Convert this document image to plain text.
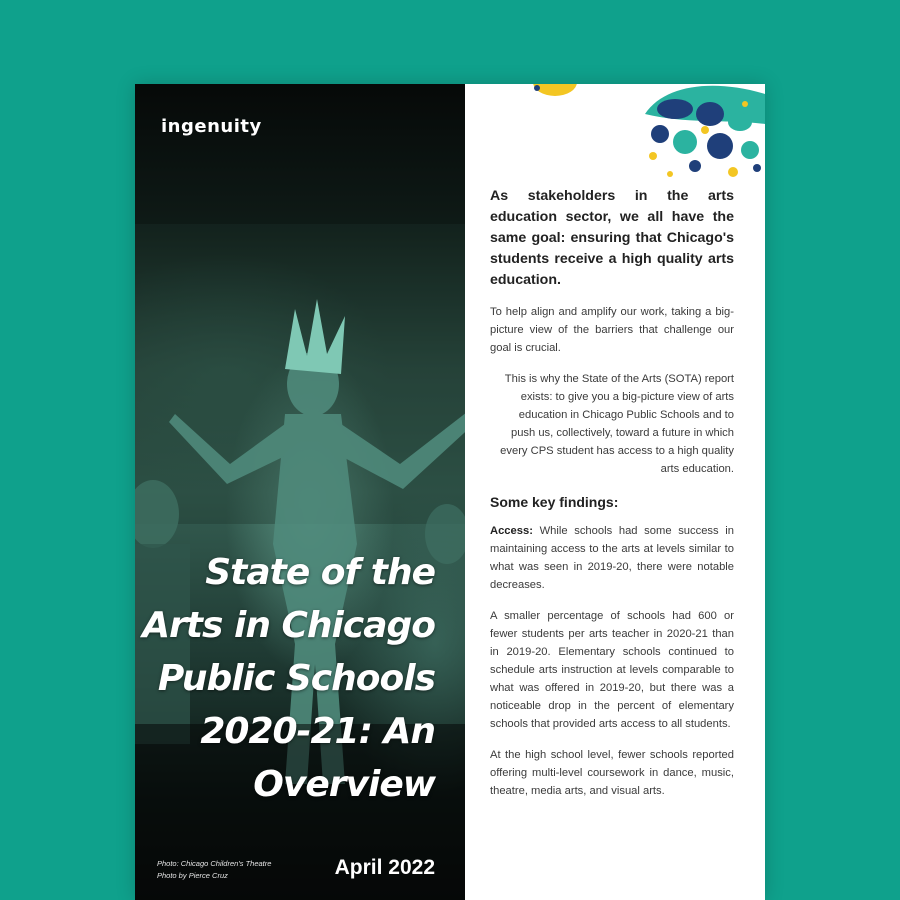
ingenuity
State of the
Arts in Chicago
Public Schools
2020-21: An
Overview
Photo: Chicago Children's Theatre
Photo by Pierce Cruz	April 2022

As stakeholders in the arts education sector, we all have the same goal: ensuring that Chicago's students receive a high quality arts education.

To help align and amplify our work, taking a big-picture view of the barriers that challenge our goal is crucial.

This is why the State of the Arts (SOTA) report exists: to give you a big-picture view of arts education in Chicago Public Schools and to push us, collectively, toward a future in which every CPS student has access to a high quality arts education.

Some key findings:

Access: While schools had some success in maintaining access to the arts at levels similar to what was seen in 2019-20, there were notable decreases.

A smaller percentage of schools had 600 or fewer students per arts teacher in 2020-21 than in 2019-20. Elementary schools continued to schedule arts instruction at levels comparable to what was offered in 2019-20, but there was a noticeable drop in the percent of elementary schools that provided arts access to all students.

At the high school level, fewer schools reported offering multi-level coursework in dance, music, theatre, media arts, and visual arts.
